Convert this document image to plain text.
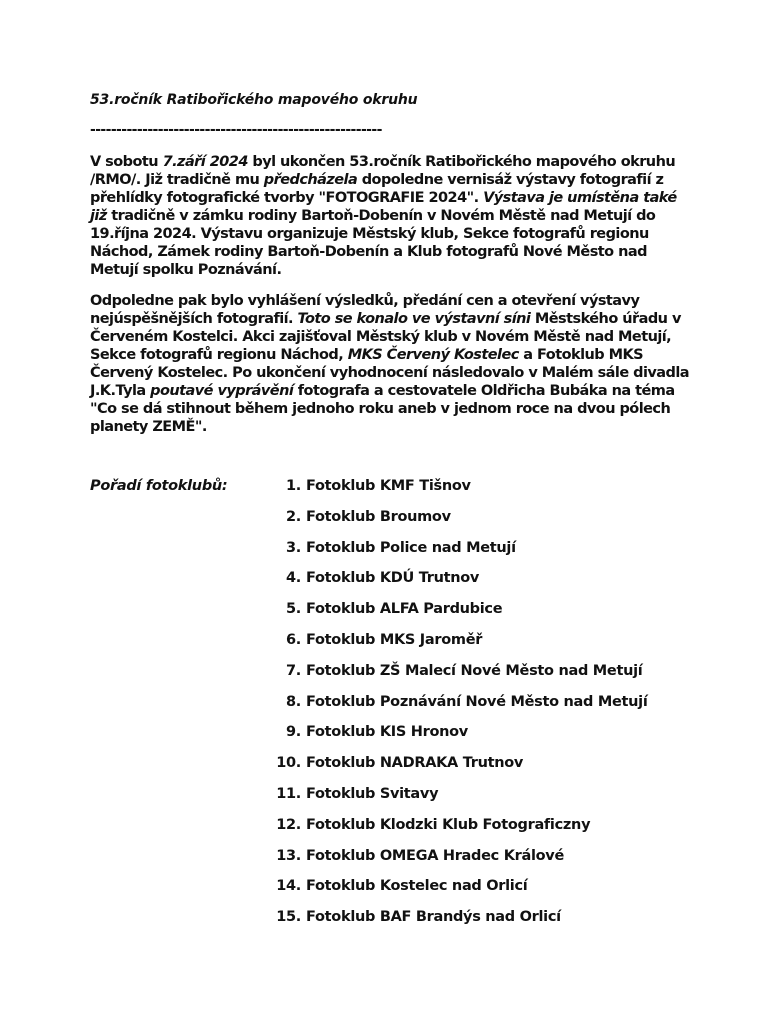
53.ročník Ratibořického mapového okruhu
--------------------------------------------------------

V sobotu 7.září 2024 byl ukončen 53.ročník Ratibořického mapového okruhu /RMO/. Již tradičně mu předcházela dopoledne vernisáž výstavy fotografií z přehlídky fotografické tvorby "FOTOGRAFIE 2024". Výstava je umístěna také již tradičně v zámku rodiny Bartoň-Dobenín v Novém Městě nad Metují do 19.října 2024. Výstavu organizuje Městský klub, Sekce fotografů regionu Náchod, Zámek rodiny Bartoň-Dobenín a Klub fotografů Nové Město nad Metují spolku Poznávání.

Odpoledne pak bylo vyhlášení výsledků, předání cen a otevření výstavy nejúspěšnějších fotografií. Toto se konalo ve výstavní síni Městského úřadu v Červeném Kostelci. Akci zajišťoval Městský klub v Novém Městě nad Metují, Sekce fotografů regionu Náchod, MKS Červený Kostelec a Fotoklub MKS Červený Kostelec. Po ukončení vyhodnocení následovalo v Malém sále divadla J.K.Tyla poutavé vyprávění fotografa a cestovatele Oldřicha Bubáka na téma "Co se dá stihnout během jednoho roku aneb v jednom roce na dvou pólech planety ZEMĚ".

Pořadí fotoklubů:	1. Fotoklub KMF Tišnov
2. Fotoklub Broumov
3. Fotoklub Police nad Metují
4. Fotoklub KDÚ Trutnov
5. Fotoklub ALFA Pardubice
6. Fotoklub MKS Jaroměř
7. Fotoklub ZŠ Malecí Nové Město nad Metují
8. Fotoklub Poznávání Nové Město nad Metují
9. Fotoklub KIS Hronov
10. Fotoklub NADRAKA Trutnov
11. Fotoklub Svitavy
12. Fotoklub Klodzki Klub Fotograficzny
13. Fotoklub OMEGA Hradec Králové
14. Fotoklub Kostelec nad Orlicí
15. Fotoklub BAF Brandýs nad Orlicí
